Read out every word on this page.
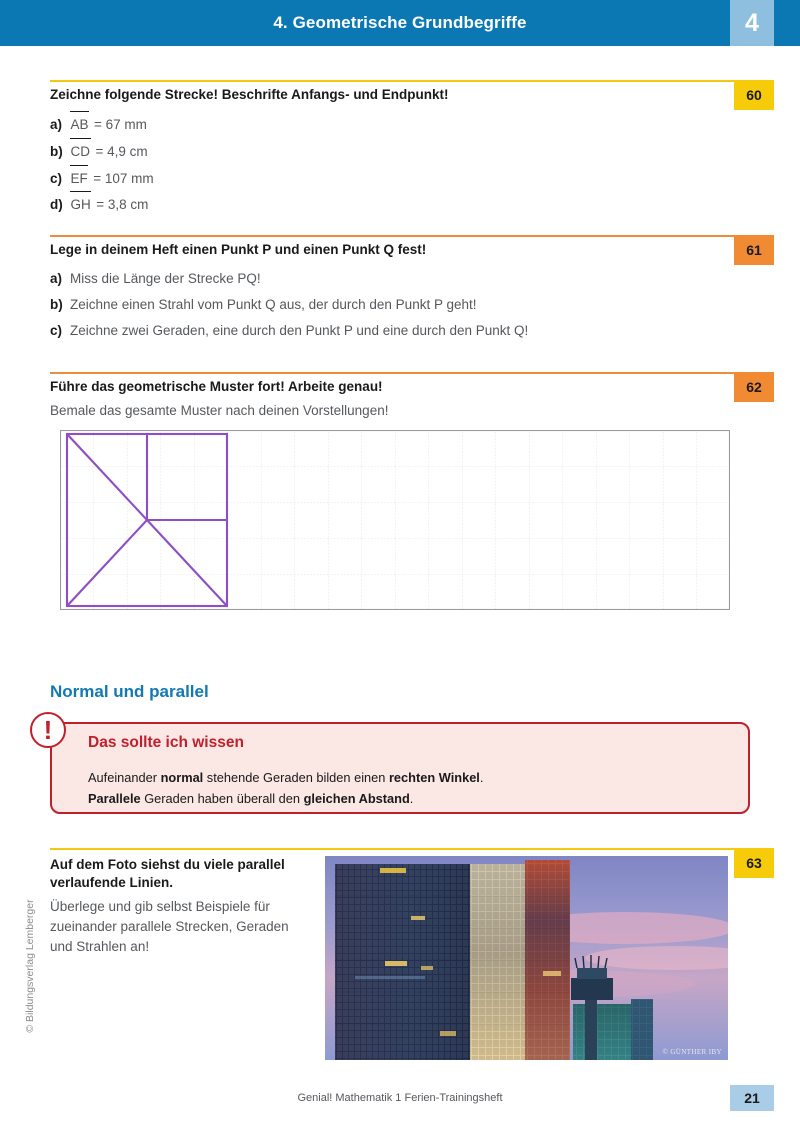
4. Geometrische Grundbegriffe	4
60
Zeichne folgende Strecke! Beschrifte Anfangs- und Endpunkt!
a) AB = 67 mm
b) CD = 4,9 cm
c) EF = 107 mm
d) GH = 3,8 cm
61
Lege in deinem Heft einen Punkt P und einen Punkt Q fest!
a) Miss die Länge der Strecke PQ!
b) Zeichne einen Strahl vom Punkt Q aus, der durch den Punkt P geht!
c) Zeichne zwei Geraden, eine durch den Punkt P und eine durch den Punkt Q!
62
Führe das geometrische Muster fort! Arbeite genau!
Bemale das gesamte Muster nach deinen Vorstellungen!
Normal und parallel
!	Das sollte ich wissen
Aufeinander normal stehende Geraden bilden einen rechten Winkel.
Parallele Geraden haben überall den gleichen Abstand.
63
Auf dem Foto siehst du viele parallel
verlaufende Linien.
Überlege und gib selbst Beispiele für
zueinander parallele Strecken, Geraden
und Strahlen an!
© GÜNTHER IBY
Genial! Mathematik 1 Ferien-Trainingsheft	21
© Bildungsverlag Lemberger
